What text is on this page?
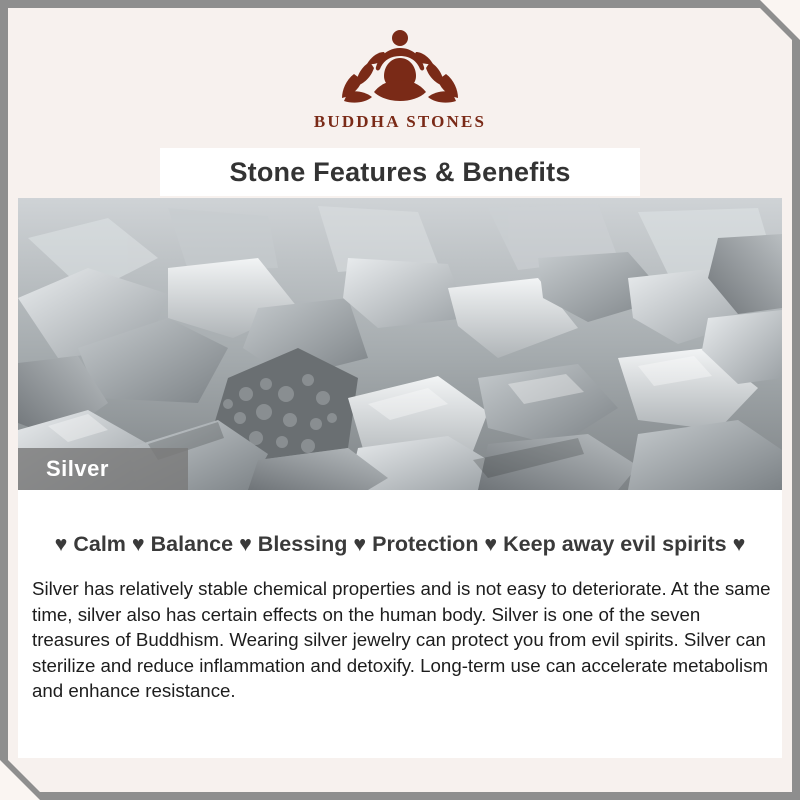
BUDDHA STONES
Stone Features & Benefits
Silver
♥ Calm ♥ Balance ♥ Blessing ♥ Protection ♥ Keep away evil spirits ♥
Silver has relatively stable chemical properties and is not easy to deteriorate. At the same time, silver also has certain effects on the human body. Silver is one of the seven treasures of Buddhism. Wearing silver jewelry can protect you from evil spirits. Silver can sterilize and reduce inflammation and detoxify. Long-term use can accelerate metabolism and enhance resistance.
